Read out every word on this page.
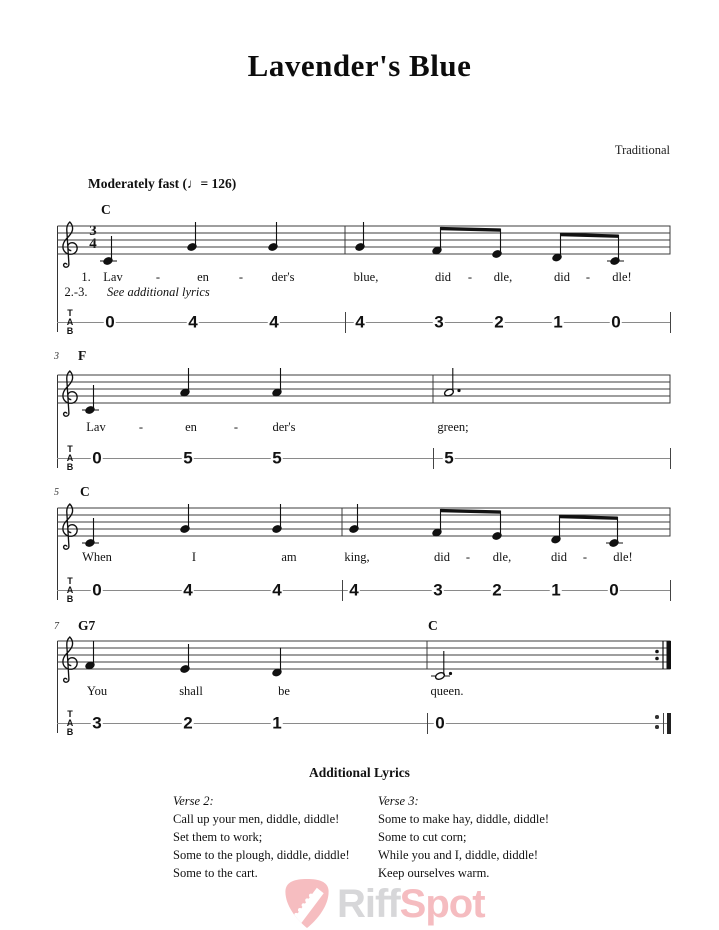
Lavender's Blue
Traditional
Moderately fast (♩= 126)
C
3
4
1. Lav	-	en - der's	blue,	did - dle,	did - dle!
2.-3. See additional lyrics
T
A
B 0	4	4	4	3	2	1	0
3 F
Lav	-	en	-	der's	green;
T
A
B 0	5	5	5
5 C
When	I	am	king,	did - dle,	did - dle!
T
A
B 0	4	4	4	3	2	1	0
7 G7	C
You	shall	be	queen.
T
A
B 3	2	1	0
Additional Lyrics
Verse 2:
Call up your men, diddle, diddle!
Set them to work;
Some to the plough, diddle, diddle!
Some to the cart.
Verse 3:
Some to make hay, diddle, diddle!
Some to cut corn;
While you and I, diddle, diddle!
Keep ourselves warm.
RiffSpot
